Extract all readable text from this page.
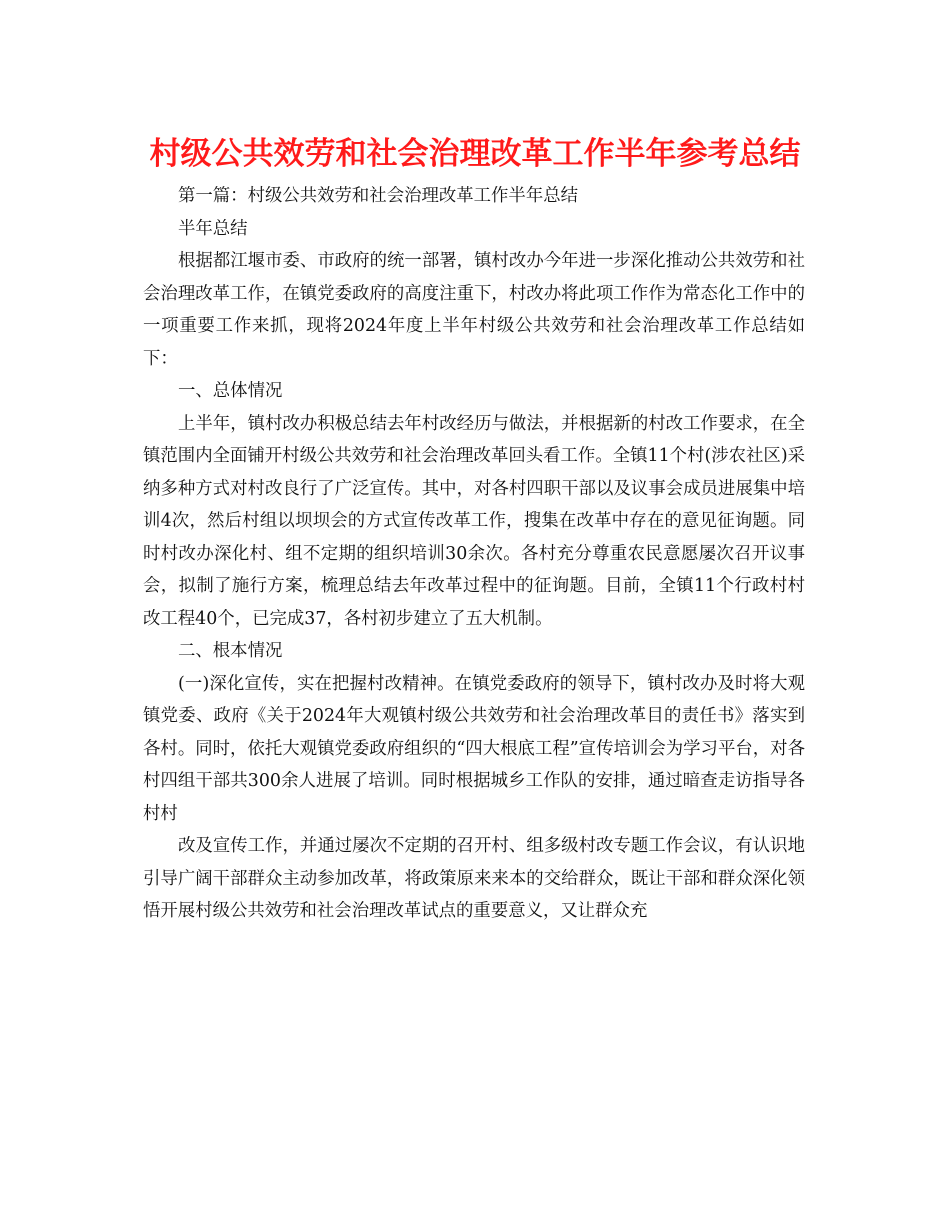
村级公共效劳和社会治理改革工作半年参考总结

第一篇：村级公共效劳和社会治理改革工作半年总结

半年总结

根据都江堰市委、市政府的统一部署，镇村改办今年进一步深化推动公共效劳和社会治理改革工作，在镇党委政府的高度注重下，村改办将此项工作作为常态化工作中的一项重要工作来抓，现将2024年度上半年村级公共效劳和社会治理改革工作总结如下：

一、总体情况

上半年，镇村改办积极总结去年村改经历与做法，并根据新的村改工作要求，在全镇范围内全面铺开村级公共效劳和社会治理改革回头看工作。全镇11个村(涉农社区)采纳多种方式对村改良行了广泛宣传。其中，对各村四职干部以及议事会成员进展集中培训4次，然后村组以坝坝会的方式宣传改革工作，搜集在改革中存在的意见征询题。同时村改办深化村、组不定期的组织培训30余次。各村充分尊重农民意愿屡次召开议事会，拟制了施行方案，梳理总结去年改革过程中的征询题。目前，全镇11个行政村村改工程40个，已完成37，各村初步建立了五大机制。

二、根本情况

(一)深化宣传，实在把握村改精神。在镇党委政府的领导下，镇村改办及时将大观镇党委、政府《关于2024年大观镇村级公共效劳和社会治理改革目的责任书》落实到各村。同时，依托大观镇党委政府组织的“四大根底工程”宣传培训会为学习平台，对各村四组干部共300余人进展了培训。同时根据城乡工作队的安排，通过暗查走访指导各村村

改及宣传工作，并通过屡次不定期的召开村、组多级村改专题工作会议，有认识地引导广阔干部群众主动参加改革，将政策原来来本的交给群众，既让干部和群众深化领悟开展村级公共效劳和社会治理改革试点的重要意义，又让群众充
